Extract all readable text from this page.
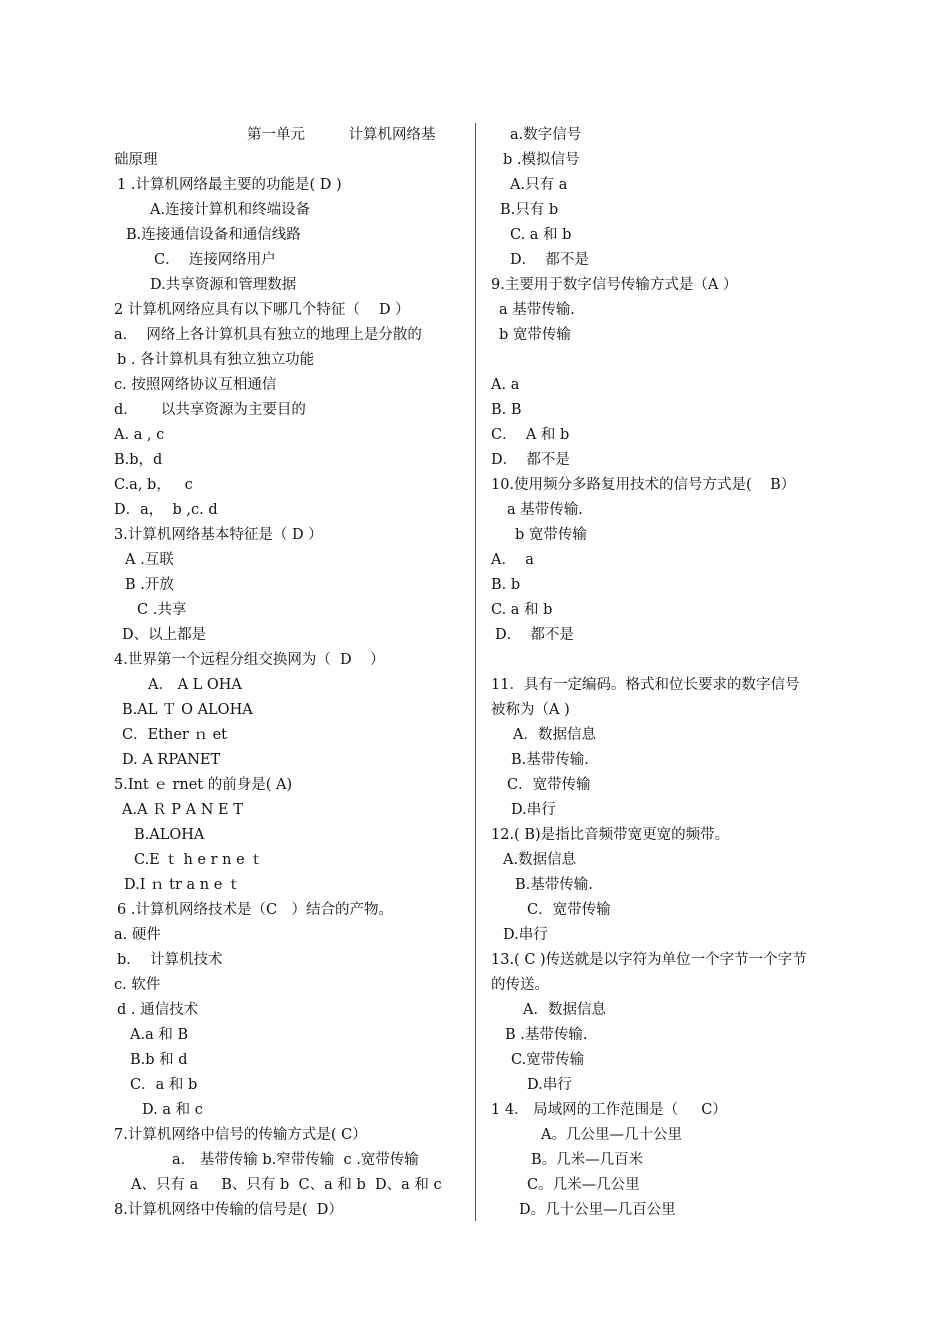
第一单元　　　计算机网络基
础原理
1 .计算机网络最主要的功能是( D )
A.连接计算机和终端设备
B.连接通信设备和通信线路
C．  连接网络用户
D.共享资源和管理数据
2 计算机网络应具有以下哪几个特征（　 D ）
a．  网络上各计算机具有独立的地理上是分散的
b . 各计算机具有独立独立功能
c. 按照网络协议互相通信
d．     以共享资源为主要目的
A. a , c
B.b，d
C.a, b，   c
D．a，  b ,c. d
3.计算机网络基本特征是（ D ）
A .互联
B .开放
C .共享
D、以上都是
4.世界第一个远程分组交换网为（  D    ）
A． A L OHA
B.AL Ｔ O ALOHA
C．Ether ｎ et
D. A RPANET
5.Int ｅ rnet 的前身是( A)
A.A Ｒ P A N E T
B.ALOHA
C.E ｔ h e r n e ｔ
D.I ｎ tr a n e ｔ
6 .计算机网络技术是（C　）结合的产物。
a. 硬件
b．  计算机技术
c. 软件
d . 通信技术
A.a 和 B
B.b 和 d
C．a 和 b
D. a 和 c
7.计算机网络中信号的传输方式是( C）
a． 基带传输 b.窄带传输  c .宽带传输
A、只有 a     B、只有 b  C、a 和 b  D、a 和 c
8.计算机网络中传输的信号是(  D）
a.数字信号
b .模拟信号
A.只有 a
B.只有 b
C. a 和 b
D．  都不是
9.主要用于数字信号传输方式是（A ）
a 基带传输.
b 宽带传输
A. a
B. B
C．  A 和 b
D．  都不是
10.使用频分多路复用技术的信号方式是(    B）
a 基带传输.
b 宽带传输
A．  a
B. b
C. a 和 b
D．  都不是
11．具有一定编码。格式和位长要求的数字信号
被称为（A )
A．数据信息
B.基带传输.
C．宽带传输
D.串行
12.( B)是指比音频带宽更宽的频带。
A.数据信息
B.基带传输.
C．宽带传输
D.串行
13.( C )传送就是以字符为单位一个字节一个字节
的传送。
A．数据信息
B .基带传输.
C.宽带传输
D.串行
1 4． 局域网的工作范围是（     C）
A。几公里—几十公里
B。几米—几百米
C。几米—几公里
D。几十公里—几百公里
